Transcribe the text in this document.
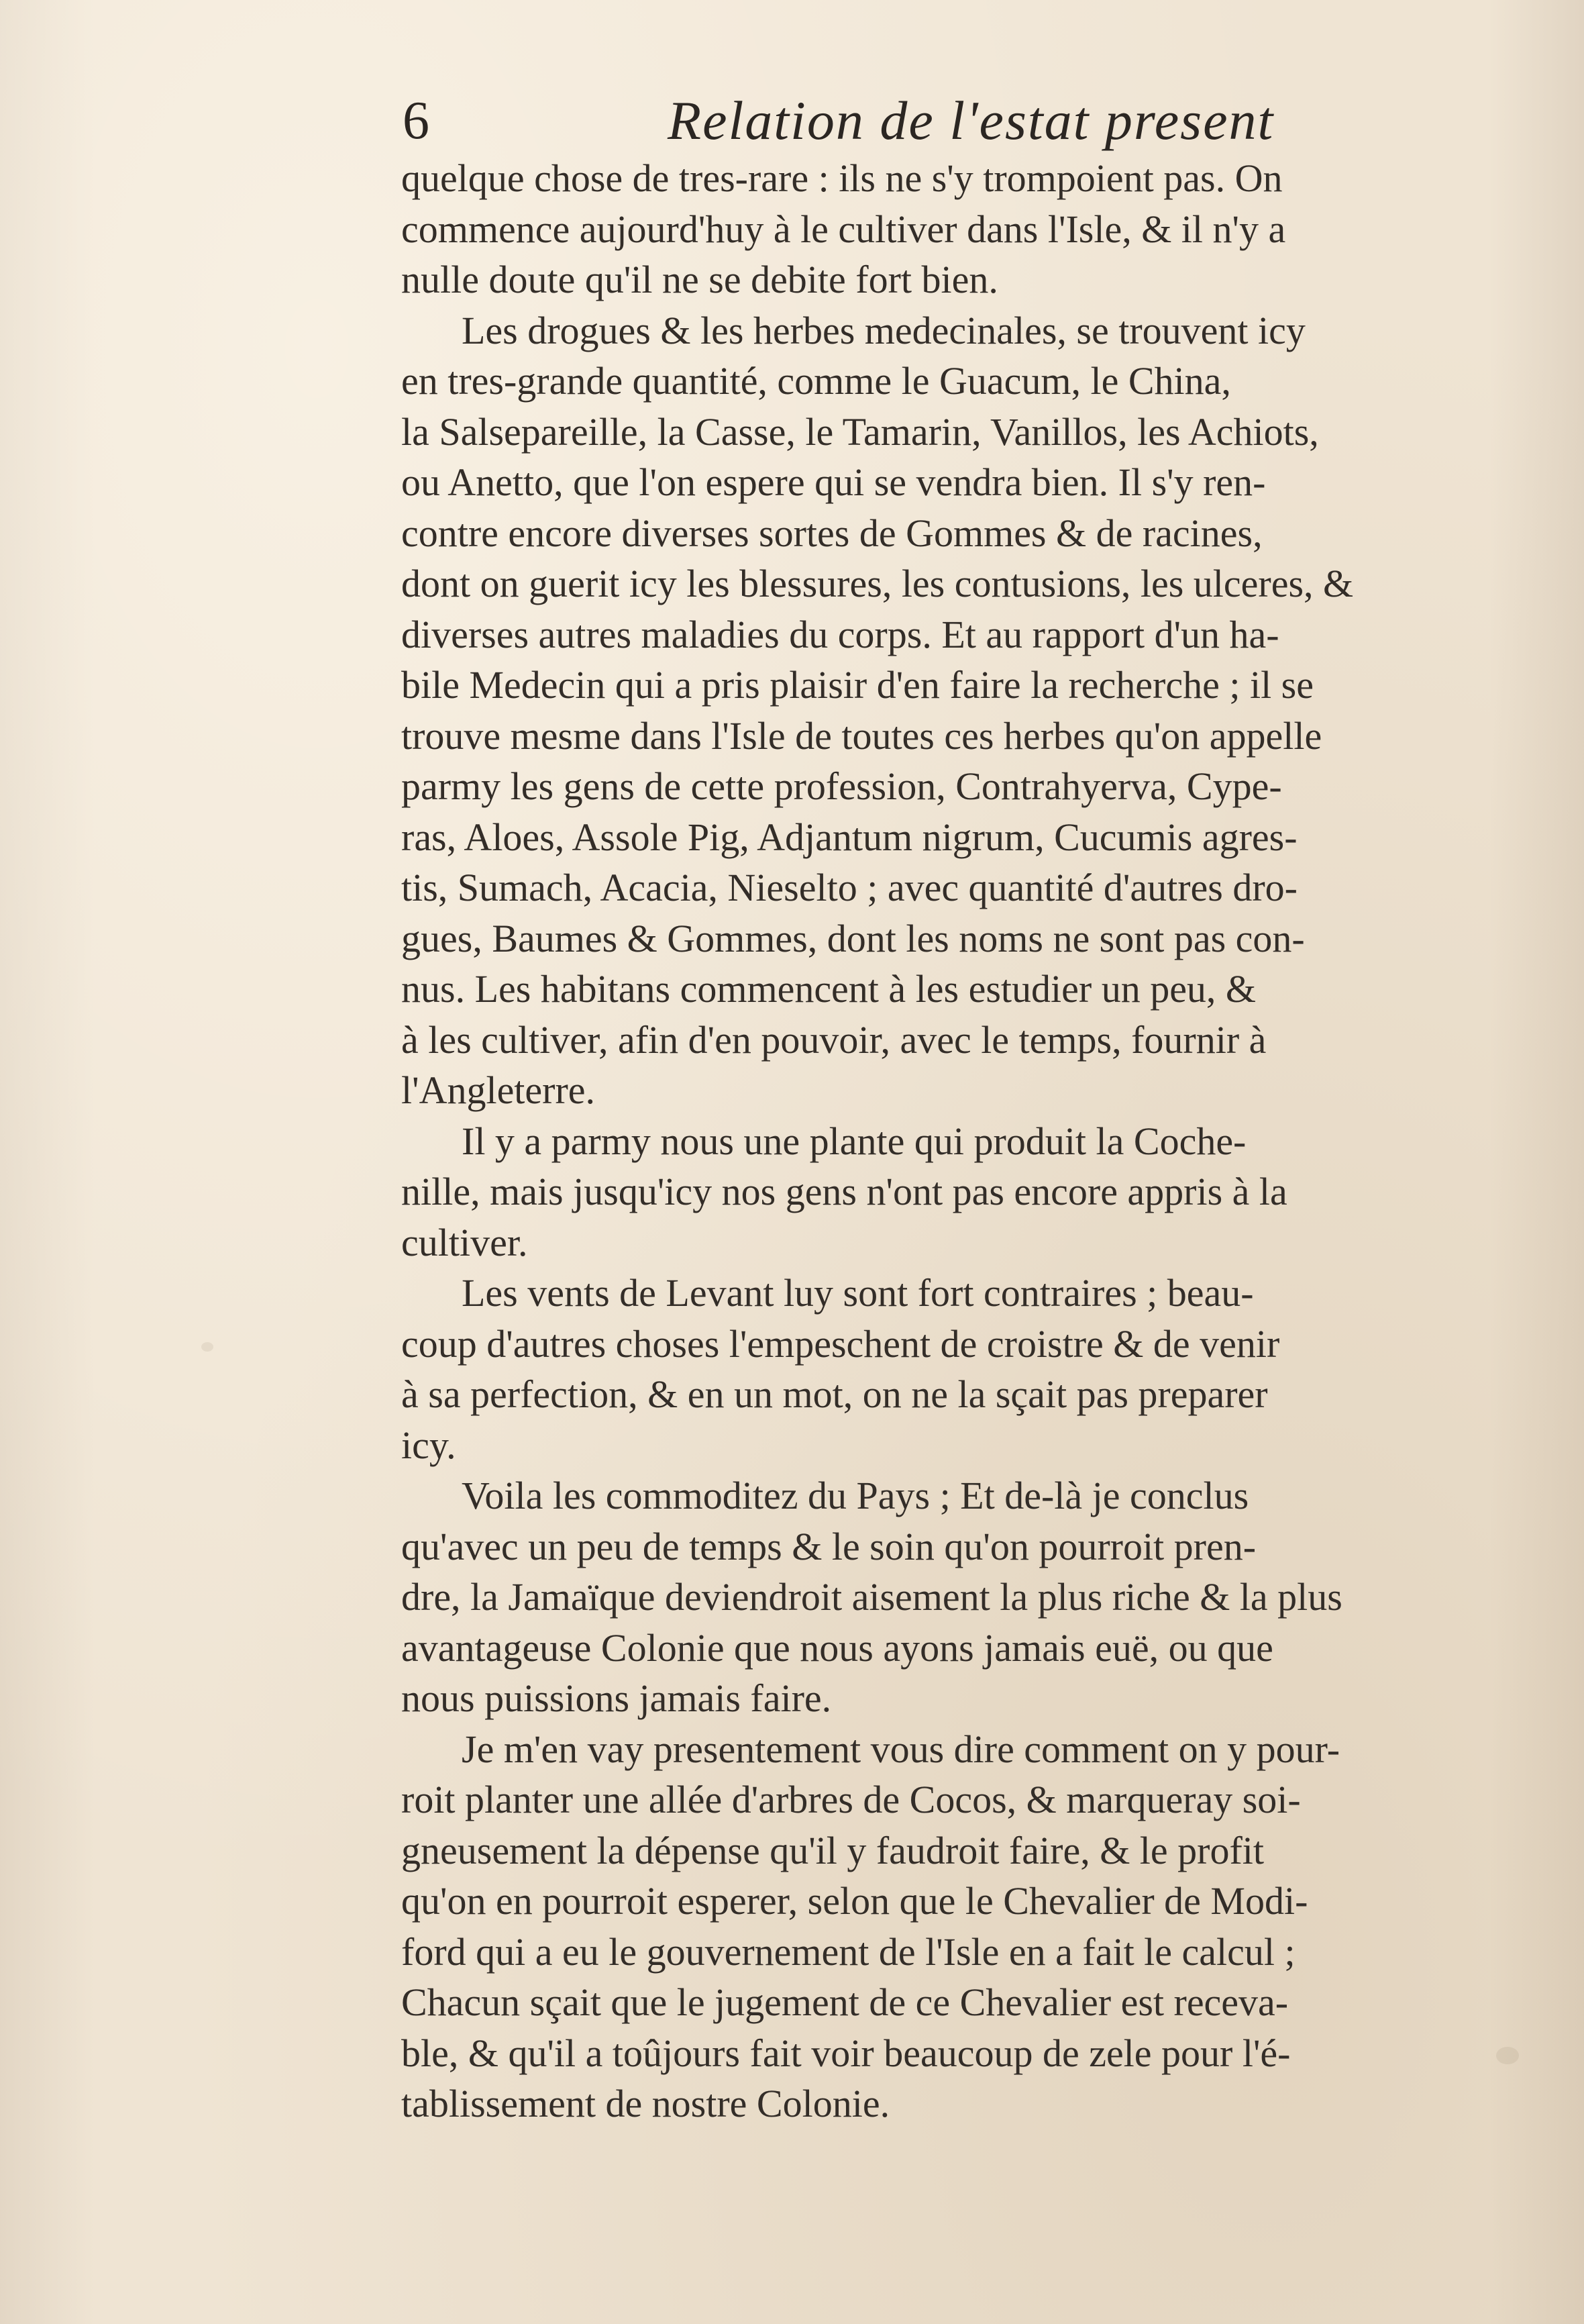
6	Relation de l'estat present
quelque chose de tres-rare : ils ne s'y trompoient pas. On
commence aujourd'huy à le cultiver dans l'Isle, & il n'y a
nulle doute qu'il ne se debite fort bien.
Les drogues & les herbes medecinales, se trouvent icy
en tres-grande quantité, comme le Guacum, le China,
la Salsepareille, la Casse, le Tamarin, Vanillos, les Achiots,
ou Anetto, que l'on espere qui se vendra bien. Il s'y ren-
contre encore diverses sortes de Gommes & de racines,
dont on guerit icy les blessures, les contusions, les ulceres, &
diverses autres maladies du corps. Et au rapport d'un ha-
bile Medecin qui a pris plaisir d'en faire la recherche ; il se
trouve mesme dans l'Isle de toutes ces herbes qu'on appelle
parmy les gens de cette profession, Contrahyerva, Cype-
ras, Aloes, Assole Pig, Adjantum nigrum, Cucumis agres-
tis, Sumach, Acacia, Nieselto ; avec quantité d'autres dro-
gues, Baumes & Gommes, dont les noms ne sont pas con-
nus. Les habitans commencent à les estudier un peu, &
à les cultiver, afin d'en pouvoir, avec le temps, fournir à
l'Angleterre.
Il y a parmy nous une plante qui produit la Coche-
nille, mais jusqu'icy nos gens n'ont pas encore appris à la
cultiver.
Les vents de Levant luy sont fort contraires ; beau-
coup d'autres choses l'empeschent de croistre & de venir
à sa perfection, & en un mot, on ne la sçait pas preparer
icy.
Voila les commoditez du Pays ; Et de-là je conclus
qu'avec un peu de temps & le soin qu'on pourroit pren-
dre, la Jamaïque deviendroit aisement la plus riche & la plus
avantageuse Colonie que nous ayons jamais euë, ou que
nous puissions jamais faire.
Je m'en vay presentement vous dire comment on y pour-
roit planter une allée d'arbres de Cocos, & marqueray soi-
gneusement la dépense qu'il y faudroit faire, & le profit
qu'on en pourroit esperer, selon que le Chevalier de Modi-
ford qui a eu le gouvernement de l'Isle en a fait le calcul ;
Chacun sçait que le jugement de ce Chevalier est receva-
ble, & qu'il a toûjours fait voir beaucoup de zele pour l'é-
tablissement de nostre Colonie.
